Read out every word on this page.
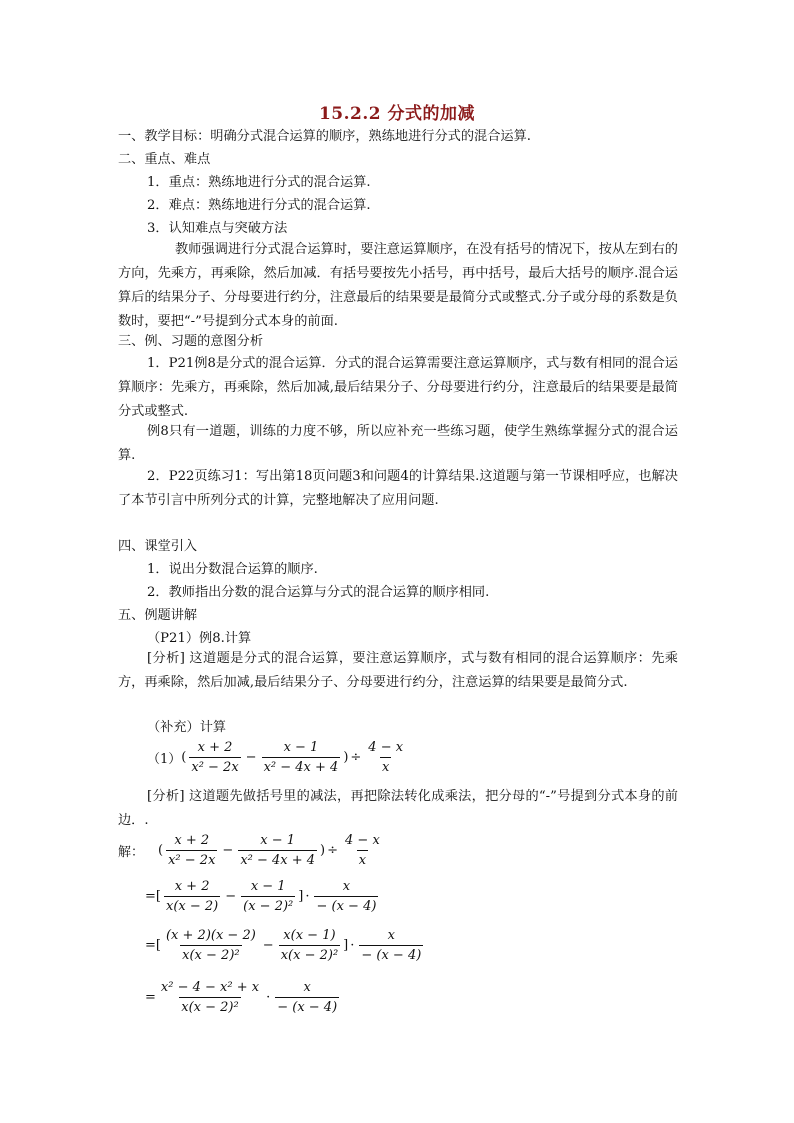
15.2.2 分式的加减
一、教学目标：明确分式混合运算的顺序，熟练地进行分式的混合运算.
二、重点、难点
1．重点：熟练地进行分式的混合运算.
2．难点：熟练地进行分式的混合运算.
3．认知难点与突破方法
教师强调进行分式混合运算时，要注意运算顺序，在没有括号的情况下，按从左到右的方向，先乘方，再乘除，然后加减．有括号要按先小括号，再中括号，最后大括号的顺序.混合运算后的结果分子、分母要进行约分，注意最后的结果要是最简分式或整式.分子或分母的系数是负数时，要把“-”号提到分式本身的前面.
三、例、习题的意图分析
1．P21例8是分式的混合运算．分式的混合运算需要注意运算顺序，式与数有相同的混合运算顺序：先乘方，再乘除，然后加减,最后结果分子、分母要进行约分，注意最后的结果要是最简分式或整式.
例8只有一道题，训练的力度不够，所以应补充一些练习题，使学生熟练掌握分式的混合运算.
2．P22页练习1：写出第18页问题3和问题4的计算结果.这道题与第一节课相呼应，也解决了本节引言中所列分式的计算，完整地解决了应用问题.
四、课堂引入
1．说出分数混合运算的顺序.
2．教师指出分数的混合运算与分式的混合运算的顺序相同.
五、例题讲解
（P21）例8.计算
[分析] 这道题是分式的混合运算，要注意运算顺序，式与数有相同的混合运算顺序：先乘方，再乘除，然后加减,最后结果分子、分母要进行约分，注意运算的结果要是最简分式.
（补充）计算
（1） ( $\frac{x + 2}{\text{x² − 2x}} - \frac{x - 1}{\text{x² − 4x + 4}}$ ) ÷ $\frac{4 - x}{x}$
[分析] 这道题先做括号里的减法，再把除法转化成乘法，把分母的“-”号提到分式本身的前边．.
解： ( $\frac{x + 2}{\text{x² − 2x}} - \frac{x - 1}{\text{x² − 4x + 4}}$ ) ÷ $\frac{4 - x}{x}$
= [ $\frac{x + 2}{x(x - 2)} - \frac{x - 1}{\text{(x − 2)²}}$ ] · $\frac{x}{- (x - 4)}$
= [ $\frac{(x + 2)(x - 2)}{\text{x(x − 2)²}} - \frac{x(x - 1)}{\text{x(x − 2)²}}$ ] · $\frac{x}{- (x - 4)}$
= $\frac{\text{x² − 4 − x² + x}}{\text{x(x − 2)²}} \cdot \frac{x}{- (x - 4)}$
